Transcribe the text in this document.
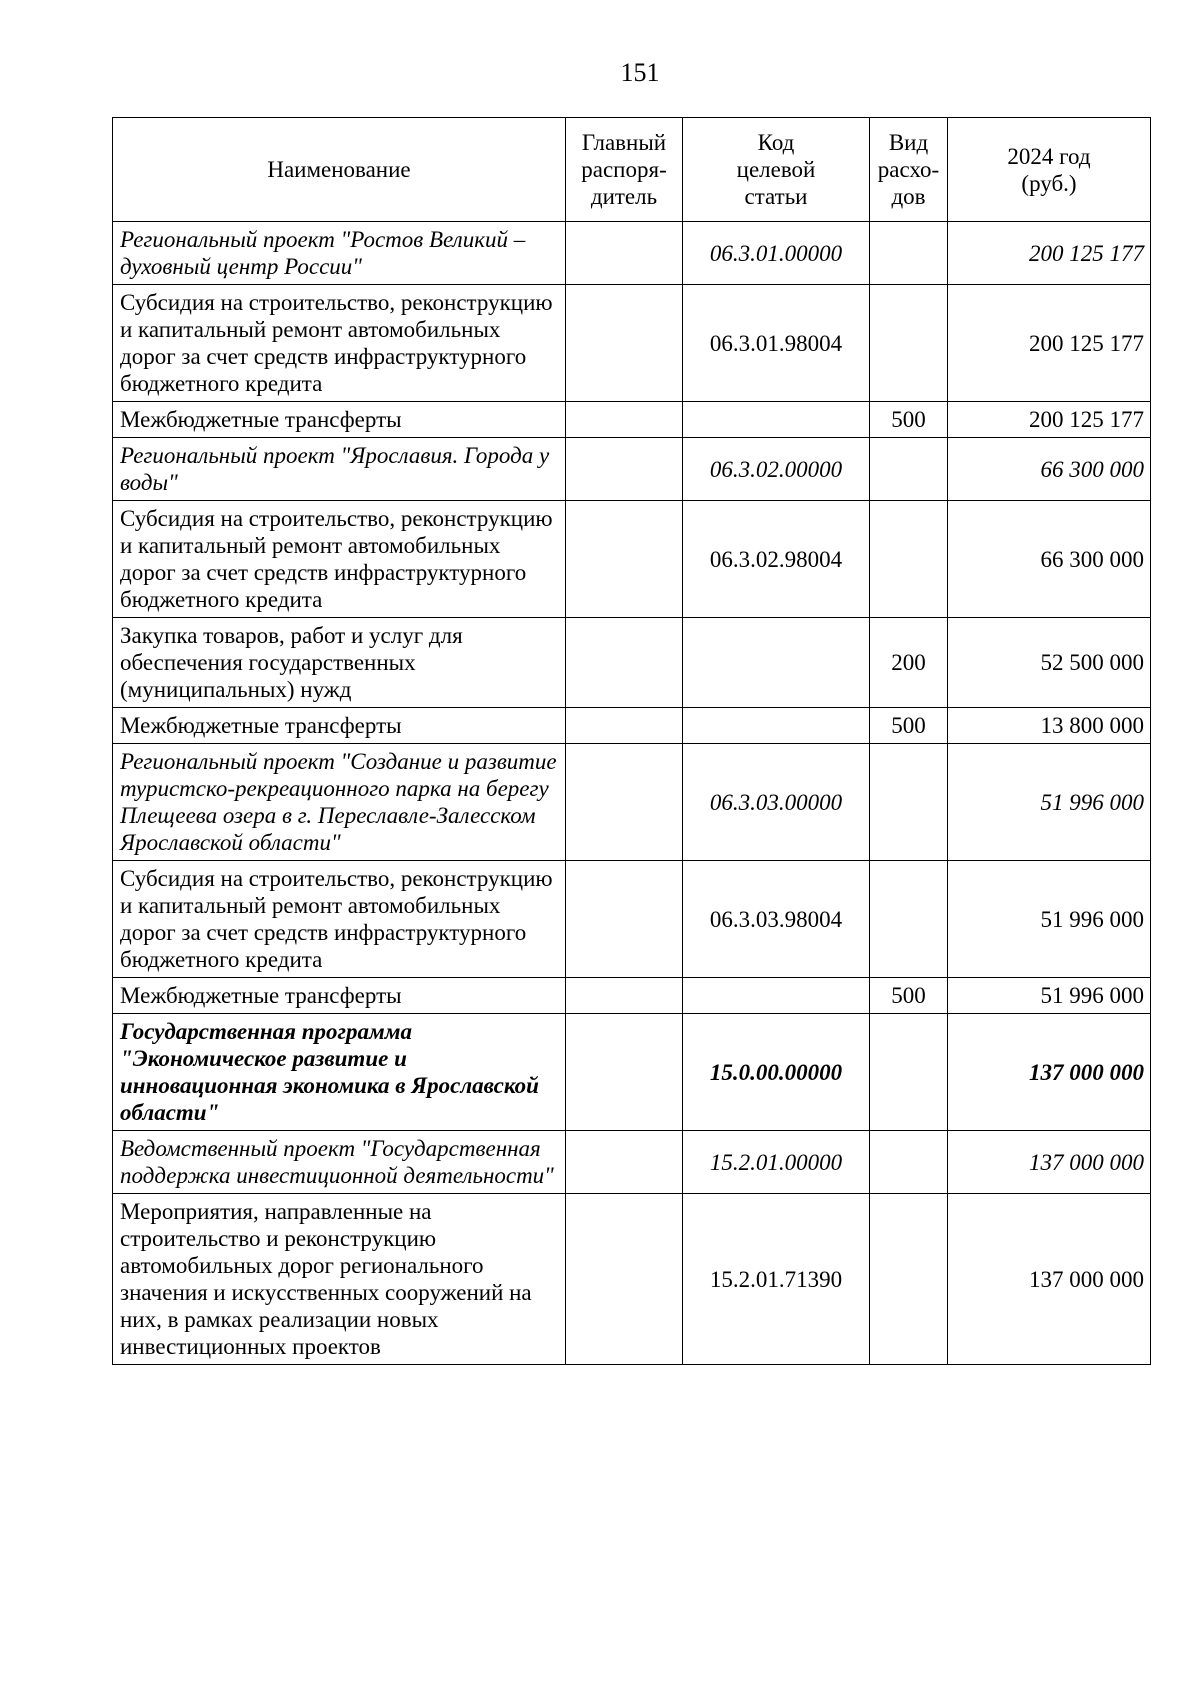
151
Наименование	Главный распоря-дитель	Код целевой статьи	Вид расхо-дов	2024 год (руб.)
Региональный проект "Ростов Великий – духовный центр России"		06.3.01.00000		200 125 177
Субсидия на строительство, реконструкцию и капитальный ремонт автомобильных дорог за счет средств инфраструктурного бюджетного кредита		06.3.01.98004		200 125 177
Межбюджетные трансферты			500	200 125 177
Региональный проект "Ярославия. Города у воды"		06.3.02.00000		66 300 000
Субсидия на строительство, реконструкцию и капитальный ремонт автомобильных дорог за счет средств инфраструктурного бюджетного кредита		06.3.02.98004		66 300 000
Закупка товаров, работ и услуг для обеспечения государственных (муниципальных) нужд			200	52 500 000
Межбюджетные трансферты			500	13 800 000
Региональный проект "Создание и развитие туристско-рекреационного парка на берегу Плещеева озера в г. Переславле-Залесском Ярославской области"		06.3.03.00000		51 996 000
Субсидия на строительство, реконструкцию и капитальный ремонт автомобильных дорог за счет средств инфраструктурного бюджетного кредита		06.3.03.98004		51 996 000
Межбюджетные трансферты			500	51 996 000
Государственная программа "Экономическое развитие и инновационная экономика в Ярославской области"		15.0.00.00000		137 000 000
Ведомственный проект "Государственная поддержка инвестиционной деятельности"		15.2.01.00000		137 000 000
Мероприятия, направленные на строительство и реконструкцию автомобильных дорог регионального значения и искусственных сооружений на них, в рамках реализации новых инвестиционных проектов		15.2.01.71390		137 000 000
